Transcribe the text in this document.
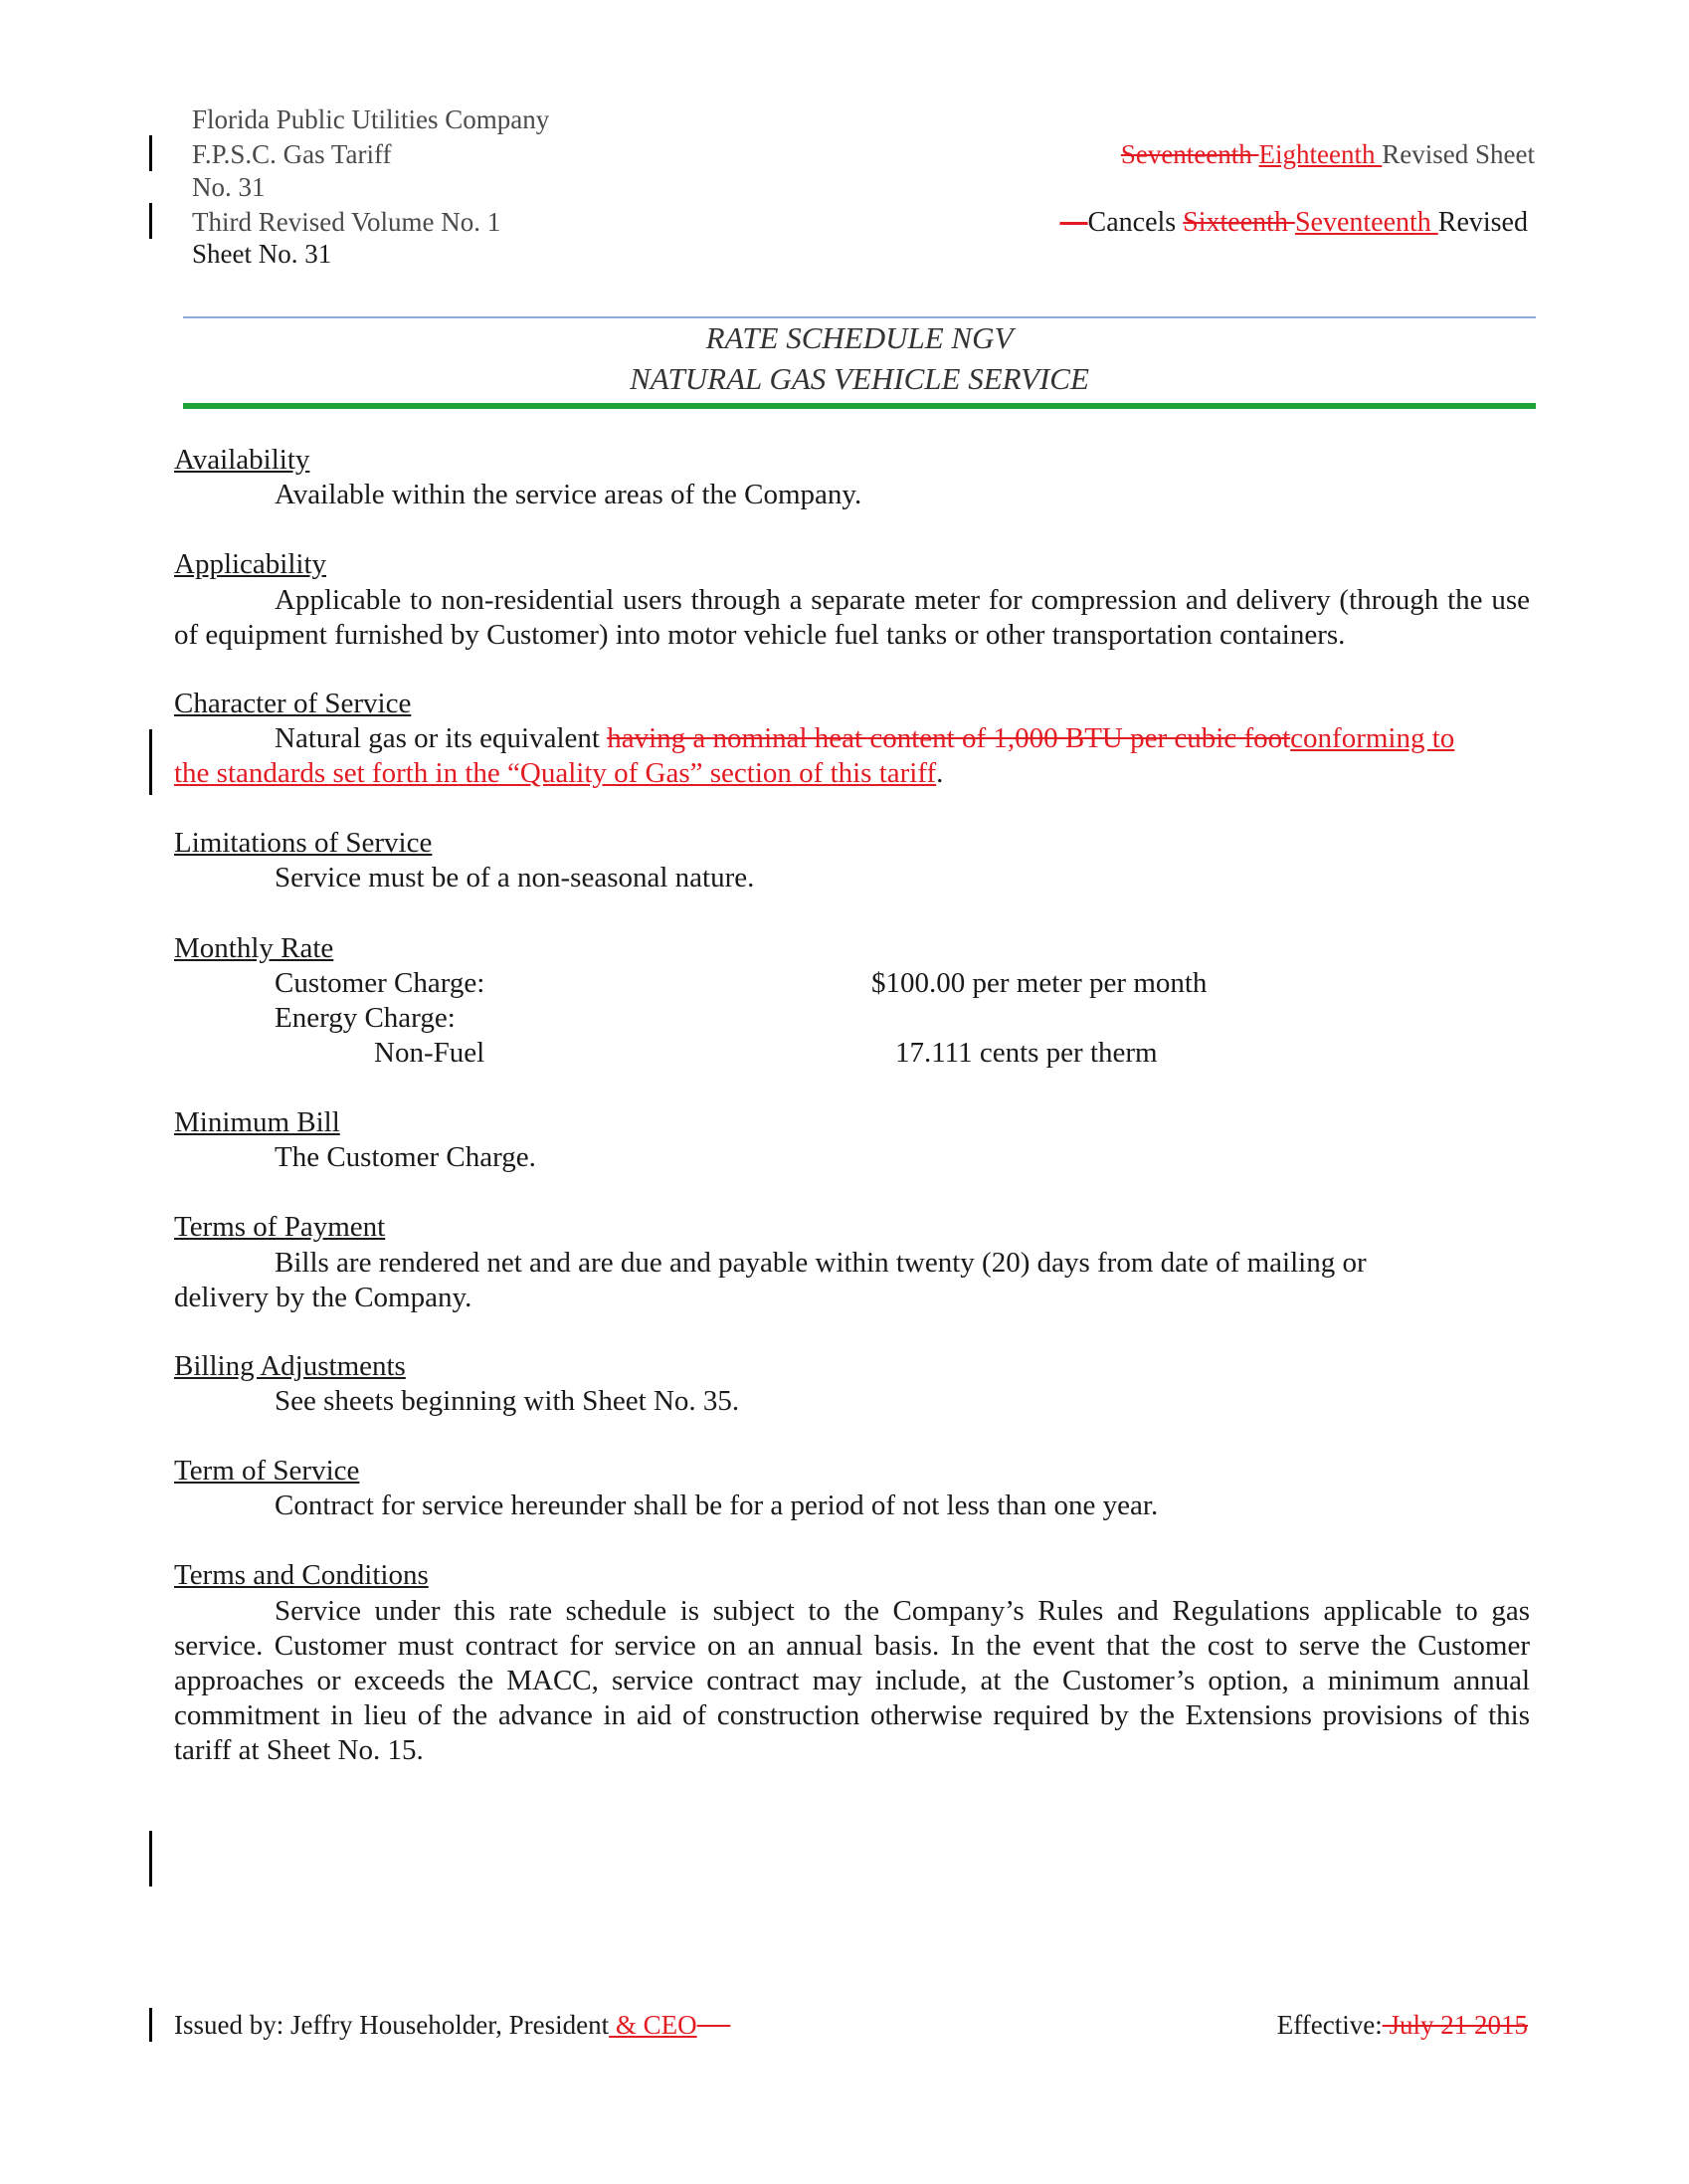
Florida Public Utilities Company
F.P.S.C. Gas Tariff
No. 31
Third Revised Volume No. 1
Sheet No. 31
Seventeenth Eighteenth Revised Sheet
—Cancels Sixteenth Seventeenth Revised
RATE SCHEDULE NGV
NATURAL GAS VEHICLE SERVICE
Availability
Available within the service areas of the Company.
Applicability
Applicable to non-residential users through a separate meter for compression and delivery (through the use of equipment furnished by Customer) into motor vehicle fuel tanks or other transportation containers.
Character of Service
Natural gas or its equivalent having a nominal heat content of 1,000 BTU per cubic footconforming to
the standards set forth in the “Quality of Gas” section of this tariff.
Limitations of Service
Service must be of a non-seasonal nature.
Monthly Rate
Customer Charge:	$100.00 per meter per month
Energy Charge:
Non-Fuel	17.111 cents per therm
Minimum Bill
The Customer Charge.
Terms of Payment
Bills are rendered net and are due and payable within twenty (20) days from date of mailing or delivery by the Company.
Billing Adjustments
See sheets beginning with Sheet No. 35.
Term of Service
Contract for service hereunder shall be for a period of not less than one year.
Terms and Conditions
Service under this rate schedule is subject to the Company’s Rules and Regulations applicable to gas service. Customer must contract for service on an annual basis. In the event that the cost to serve the Customer approaches or exceeds the MACC, service contract may include, at the Customer’s option, a minimum annual commitment in lieu of the advance in aid of construction otherwise required by the Extensions provisions of this tariff at Sheet No. 15.
Issued by: Jeffry Householder, President & CEO	Effective: July 21 2015
